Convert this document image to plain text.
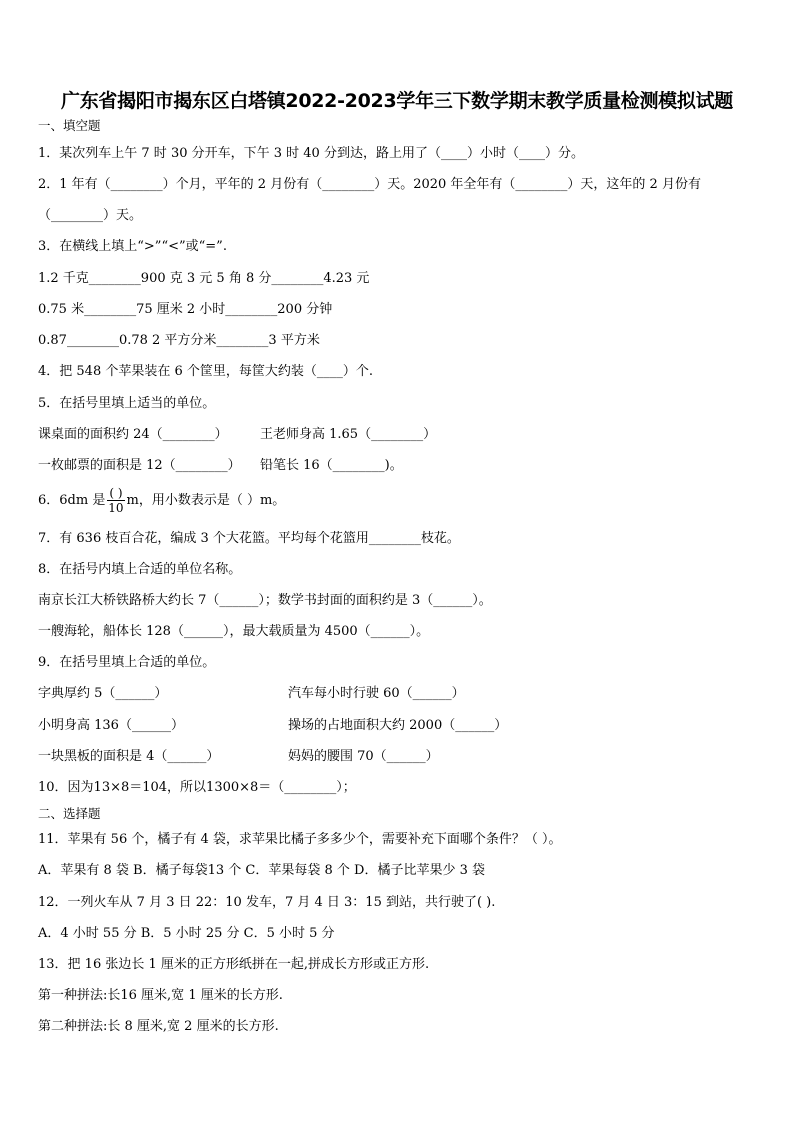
广东省揭阳市揭东区白塔镇2022-2023学年三下数学期末教学质量检测模拟试题
一、填空题
1．某次列车上午 7 时 30 分开车，下午 3 时 40 分到达，路上用了（____）小时（____）分。
2．1 年有（________）个月，平年的 2 月份有（________）天。2020 年全年有（________）天，这年的 2 月份有
（________）天。
3．在横线上填上“>”“<”或“=”.
1.2 千克________900 克 3 元 5 角 8 分________4.23 元
0.75 米________75 厘米 2 小时________200 分钟
0.87________0.78 2 平方分米________3 平方米
4．把 548 个苹果装在 6 个筐里，每筐大约装（____）个.
5．在括号里填上适当的单位。
课桌面的面积约 24（________） 王老师身高 1.65（________）
一枚邮票的面积是 12（________） 铅笔长 16（________)。
6．6dm 是 $\frac{( )}{10}$ m，用小数表示是（ ）m。
7．有 636 枝百合花，编成 3 个大花篮。平均每个花篮用________枝花。
8．在括号内填上合适的单位名称。
南京长江大桥铁路桥大约长 7（______）；数学书封面的面积约是 3（______）。
一艘海轮，船体长 128（______），最大载质量为 4500（______）。
9．在括号里填上合适的单位。
字典厚约 5（______）	汽车每小时行驶 60（______）
小明身高 136（______）	操场的占地面积大约 2000（______）
一块黑板的面积是 4（______）	妈妈的腰围 70（______）
10．因为13×8＝104，所以1300×8＝（________）；
二、选择题
11．苹果有 56 个，橘子有 4 袋，求苹果比橘子多多少个，需要补充下面哪个条件？（ ）。
A．苹果有 8 袋 B．橘子每袋13 个 C．苹果每袋 8 个 D．橘子比苹果少 3 袋
12．一列火车从 7 月 3 日 22：10 发车，7 月 4 日 3：15 到站，共行驶了( ).
A．4 小时 55 分 B．5 小时 25 分 C．5 小时 5 分
13．把 16 张边长 1 厘米的正方形纸拼在一起,拼成长方形或正方形.
第一种拼法:长16 厘米,宽 1 厘米的长方形.
第二种拼法:长 8 厘米,宽 2 厘米的长方形.
